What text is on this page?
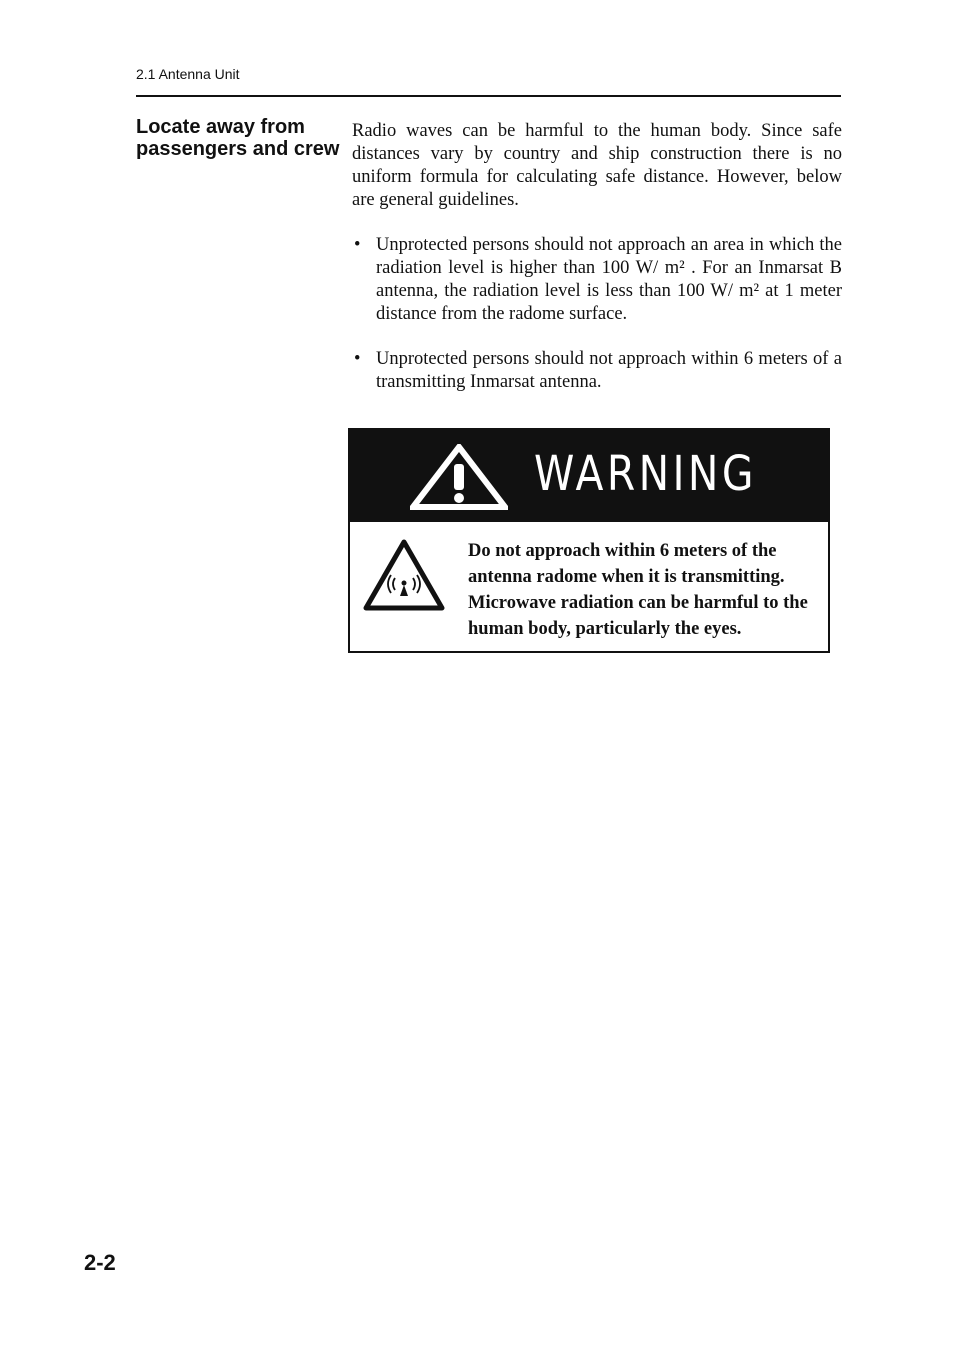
2.1 Antenna Unit
Locate away from passengers and crew

Radio waves can be harmful to the human body. Since safe distances vary by country and ship construction there is no uniform formula for calculating safe distance. However, below are general guidelines.

• Unprotected persons should not approach an area in which the radiation level is higher than 100 W/ m² . For an Inmarsat B antenna, the radiation level is less than 100 W/ m² at 1 meter distance from the radome surface.
• Unprotected persons should not approach within 6 meters of a transmitting Inmarsat antenna.
WARNING
Do not approach within 6 meters of the antenna radome when it is transmitting. Microwave radiation can be harmful to the human body, particularly the eyes.
2-2
